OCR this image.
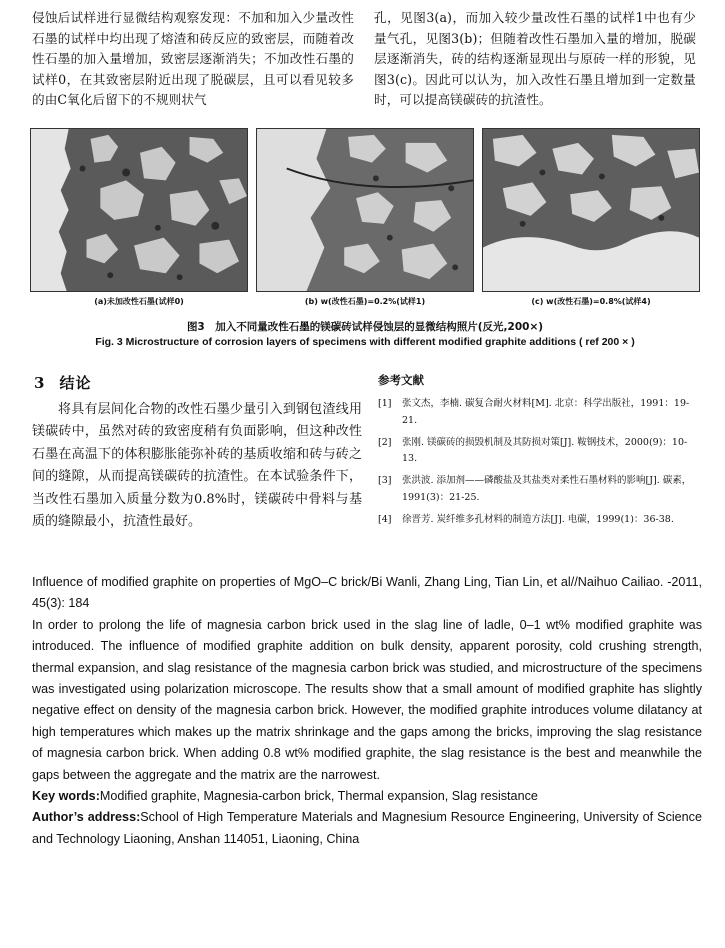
侵蚀后试样进行显微结构观察发现：不加和加入少量改性石墨的试样中均出现了熔渣和砖反应的致密层，而随着改性石墨的加入量增加，致密层逐渐消失；不加改性石墨的试样0，在其致密层附近出现了脱碳层，且可以看见较多的由C氧化后留下的不规则状气

孔，见图3(a)，而加入较少量改性石墨的试样1中也有少量气孔，见图3(b)；但随着改性石墨加入量的增加，脱碳层逐渐消失，砖的结构逐渐显现出与原砖一样的形貌，见图3(c)。因此可以认为，加入改性石墨且增加到一定数量时，可以提高镁碳砖的抗渣性。

(a)未加改性石墨(试样0)	(b) w(改性石墨)=0.2%(试样1)	(c) w(改性石墨)=0.8%(试样4)
图3　加入不同量改性石墨的镁碳砖试样侵蚀层的显微结构照片(反光,200×)
Fig. 3 Microstructure of corrosion layers of specimens with different modified graphite additions ( ref 200 × )
3 结论

将具有层间化合物的改性石墨少量引入到钢包渣线用镁碳砖中，虽然对砖的致密度稍有负面影响，但这种改性石墨在高温下的体积膨胀能弥补砖的基质收缩和砖与砖之间的缝隙，从而提高镁碳砖的抗渣性。在本试验条件下，当改性石墨加入质量分数为0.8%时，镁碳砖中骨料与基质的缝隙最小，抗渣性最好。

参考文献
[1]	张文杰，李楠. 碳复合耐火材料[M]. 北京：科学出版社，1991：19-21.
[2]	张刚. 镁碳砖的损毁机制及其防损对策[J]. 鞍钢技术，2000(9)：10-13.
[3]	张洪波. 添加剂——磷酸盐及其盐类对柔性石墨材料的影响[J]. 碳素，1991(3)：21-25.
[4]	徐晋芳. 炭纤维多孔材料的制造方法[J]. 电碳，1999(1)：36-38.

Influence of modified graphite on properties of MgO–C brick/Bi Wanli, Zhang Ling, Tian Lin, et al//Naihuo Cailiao. -2011, 45(3): 184

In order to prolong the life of magnesia carbon brick used in the slag line of ladle, 0–1 wt% modified graphite was introduced. The influence of modified graphite addition on bulk density, apparent porosity, cold crushing strength, thermal expansion, and slag resistance of the magnesia carbon brick was studied, and microstructure of the specimens was investigated using polarization microscope. The results show that a small amount of modified graphite has slightly negative effect on density of the magnesia carbon brick. However, the modified graphite introduces volume dilatancy at high temperatures which makes up the matrix shrinkage and the gaps among the bricks, improving the slag resistance of magnesia carbon brick. When adding 0.8 wt% modified graphite, the slag resistance is the best and meanwhile the gaps between the aggregate and the matrix are the narrowest.

Key words:Modified graphite, Magnesia-carbon brick, Thermal expansion, Slag resistance

Author’s address:School of High Temperature Materials and Magnesium Resource Engineering, University of Science and Technology Liaoning, Anshan 114051, Liaoning, China
